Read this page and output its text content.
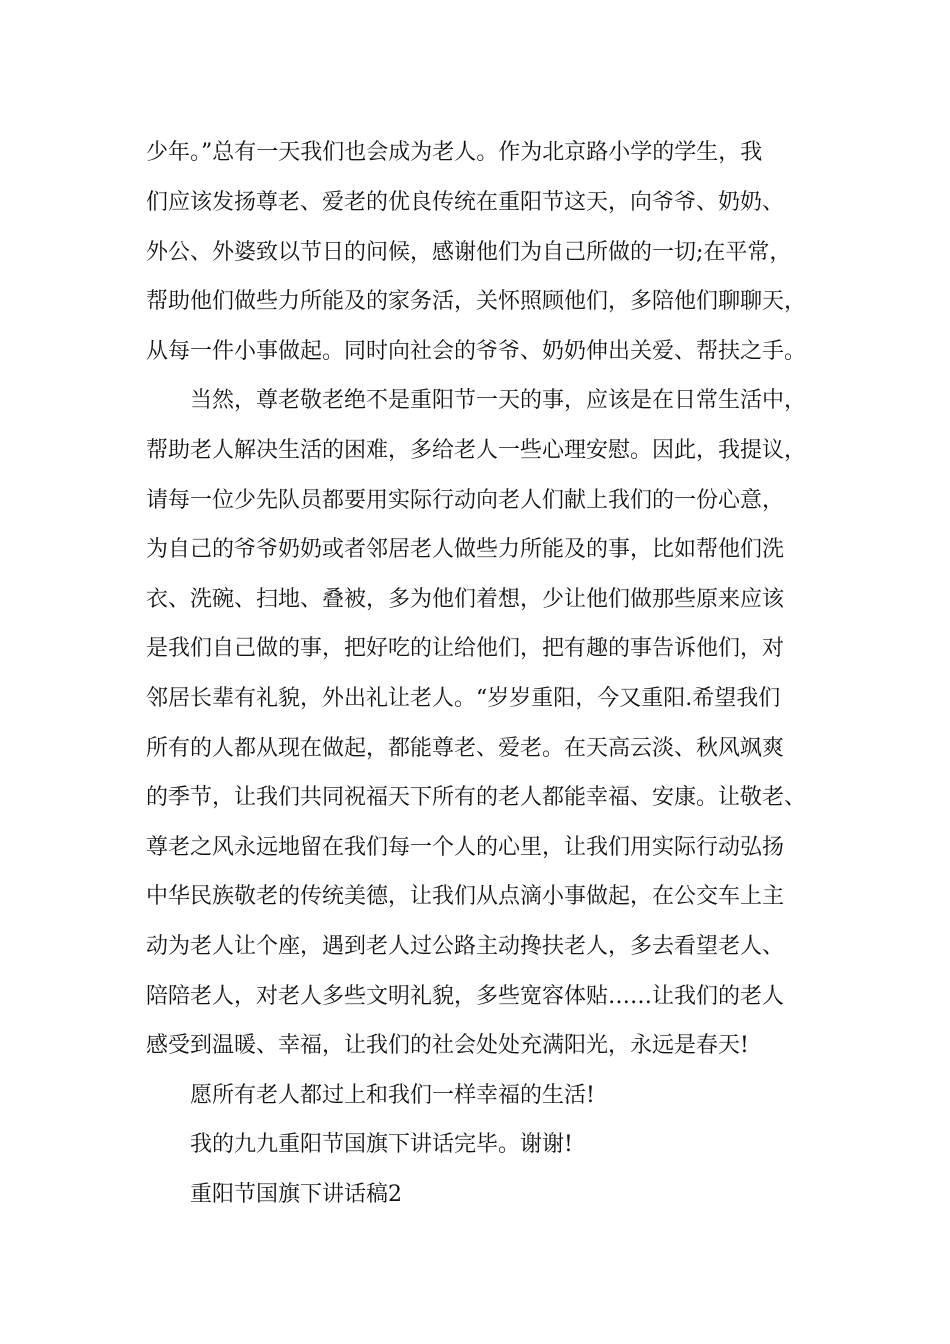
少年。”总有一天我们也会成为老人。作为北京路小学的学生，我
们应该发扬尊老、爱老的优良传统在重阳节这天，向爷爷、奶奶、
外公、外婆致以节日的问候，感谢他们为自己所做的一切;在平常，
帮助他们做些力所能及的家务活，关怀照顾他们，多陪他们聊聊天，
从每一件小事做起。同时向社会的爷爷、奶奶伸出关爱、帮扶之手。
当然，尊老敬老绝不是重阳节一天的事，应该是在日常生活中，
帮助老人解决生活的困难，多给老人一些心理安慰。因此，我提议，
请每一位少先队员都要用实际行动向老人们献上我们的一份心意，
为自己的爷爷奶奶或者邻居老人做些力所能及的事，比如帮他们洗
衣、洗碗、扫地、叠被，多为他们着想，少让他们做那些原来应该
是我们自己做的事，把好吃的让给他们，把有趣的事告诉他们，对
邻居长辈有礼貌，外出礼让老人。“岁岁重阳，今又重阳.希望我们
所有的人都从现在做起，都能尊老、爱老。在天高云淡、秋风飒爽
的季节，让我们共同祝福天下所有的老人都能幸福、安康。让敬老、
尊老之风永远地留在我们每一个人的心里，让我们用实际行动弘扬
中华民族敬老的传统美德，让我们从点滴小事做起，在公交车上主
动为老人让个座，遇到老人过公路主动搀扶老人，多去看望老人、
陪陪老人，对老人多些文明礼貌，多些宽容体贴……让我们的老人
感受到温暖、幸福，让我们的社会处处充满阳光，永远是春天!
愿所有老人都过上和我们一样幸福的生活!
我的九九重阳节国旗下讲话完毕。谢谢!
重阳节国旗下讲话稿2
